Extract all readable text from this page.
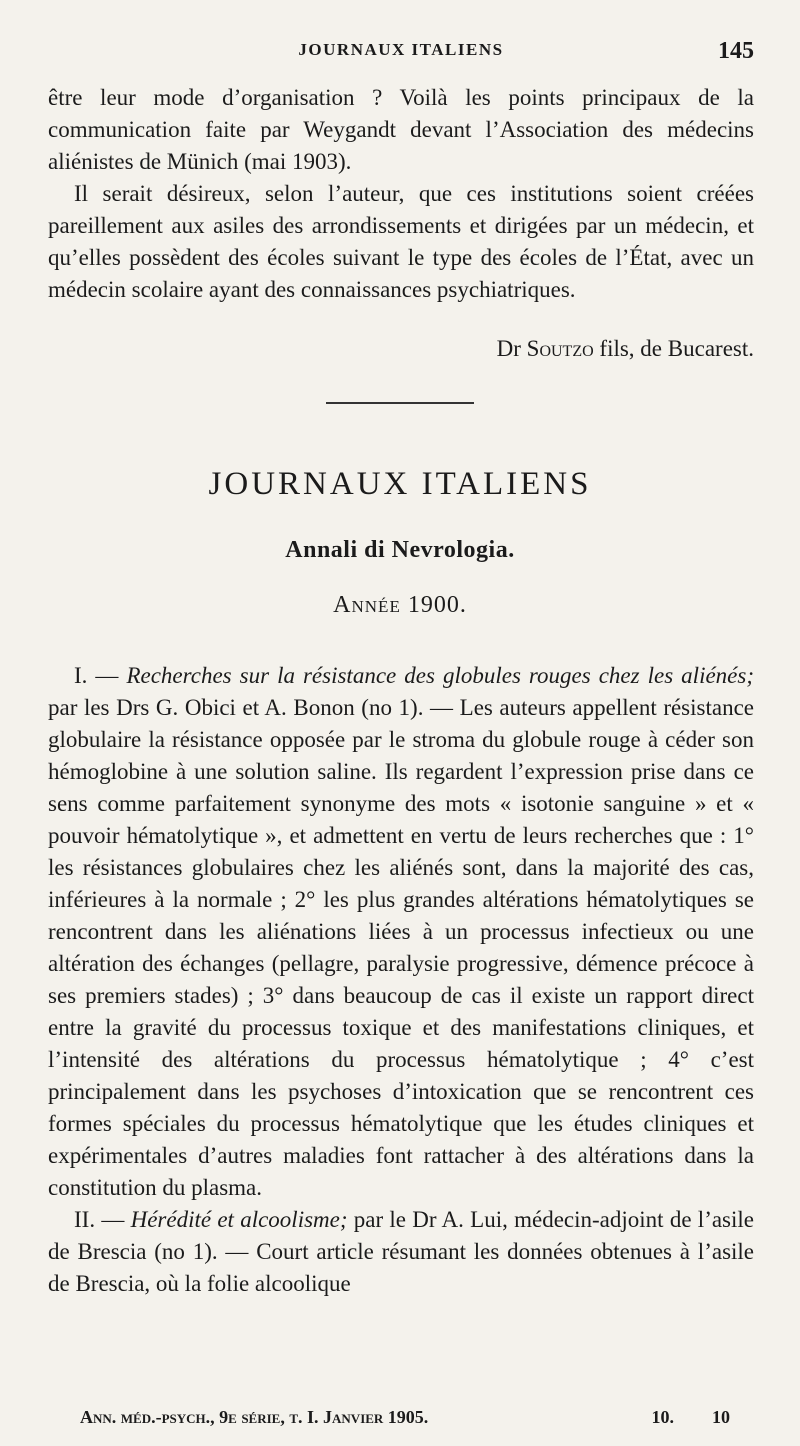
JOURNAUX ITALIENS	145

être leur mode d’organisation ? Voilà les points principaux de la communication faite par Weygandt devant l’Association des médecins aliénistes de Münich (mai 1903).

Il serait désireux, selon l’auteur, que ces institutions soient créées pareillement aux asiles des arrondissements et dirigées par un médecin, et qu’elles possèdent des écoles suivant le type des écoles de l’État, avec un médecin scolaire ayant des connaissances psychiatriques.

Dr Soutzo fils, de Bucarest.
JOURNAUX ITALIENS
Annali di Nevrologia.
Année 1900.

I. — Recherches sur la résistance des globules rouges chez les aliénés; par les Drs G. Obici et A. Bonon (no 1). — Les auteurs appellent résistance globulaire la résistance opposée par le stroma du globule rouge à céder son hémoglobine à une solution saline. Ils regardent l’expression prise dans ce sens comme parfaitement synonyme des mots « isotonie sanguine » et « pouvoir hématolytique », et admettent en vertu de leurs recherches que : 1° les résistances globulaires chez les aliénés sont, dans la majorité des cas, inférieures à la normale ; 2° les plus grandes altérations hématolytiques se rencontrent dans les aliénations liées à un processus infectieux ou une altération des échanges (pellagre, paralysie progressive, démence précoce à ses premiers stades) ; 3° dans beaucoup de cas il existe un rapport direct entre la gravité du processus toxique et des manifestations cliniques, et l’intensité des altérations du processus hématolytique ; 4° c’est principalement dans les psychoses d’intoxication que se rencontrent ces formes spéciales du processus hématolytique que les études cliniques et expérimentales d’autres maladies font rattacher à des altérations dans la constitution du plasma.

II. — Hérédité et alcoolisme; par le Dr A. Lui, médecin-adjoint de l’asile de Brescia (no 1). — Court article résumant les données obtenues à l’asile de Brescia, où la folie alcoolique

Ann. méd.-psych., 9e série, t. I. Janvier 1905.	10. 10
